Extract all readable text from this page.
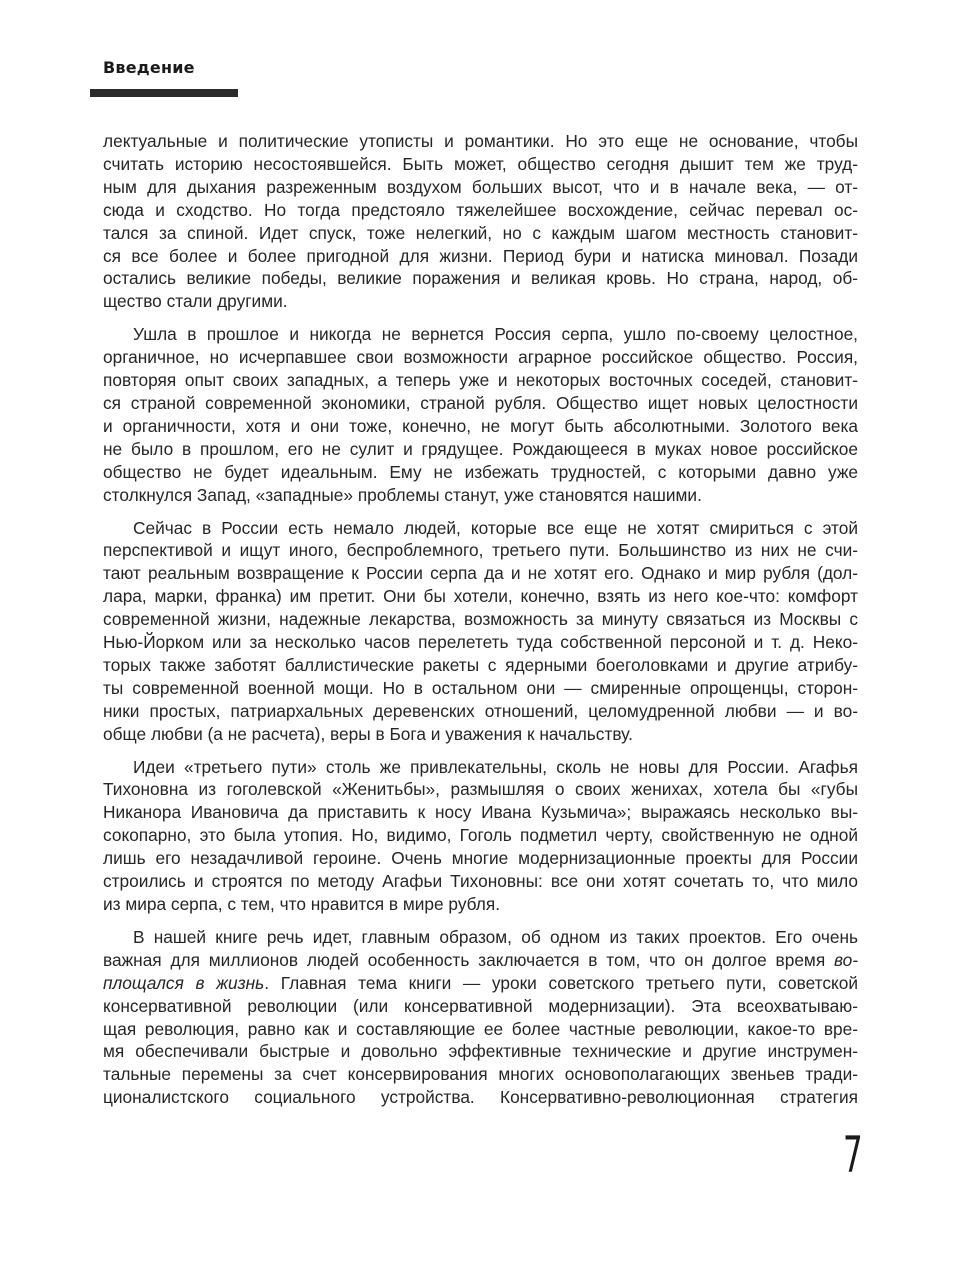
Введение
лектуальные и политические утописты и романтики. Но это еще не основание, чтобы
считать историю несостоявшейся. Быть может, общество сегодня дышит тем же труд-
ным для дыхания разреженным воздухом больших высот, что и в начале века, — от-
сюда и сходство. Но тогда предстояло тяжелейшее восхождение, сейчас перевал ос-
тался за спиной. Идет спуск, тоже нелегкий, но с каждым шагом местность становит-
ся все более и более пригодной для жизни. Период бури и натиска миновал. Позади
остались великие победы, великие поражения и великая кровь. Но страна, народ, об-
щество стали другими.
Ушла в прошлое и никогда не вернется Россия серпа, ушло по-своему целостное,
органичное, но исчерпавшее свои возможности аграрное российское общество. Россия,
повторяя опыт своих западных, а теперь уже и некоторых восточных соседей, становит-
ся страной современной экономики, страной рубля. Общество ищет новых целостности
и органичности, хотя и они тоже, конечно, не могут быть абсолютными. Золотого века
не было в прошлом, его не сулит и грядущее. Рождающееся в муках новое российское
общество не будет идеальным. Ему не избежать трудностей, с которыми давно уже
столкнулся Запад, «западные» проблемы станут, уже становятся нашими.
Сейчас в России есть немало людей, которые все еще не хотят смириться с этой
перспективой и ищут иного, беспроблемного, третьего пути. Большинство из них не счи-
тают реальным возвращение к России серпа да и не хотят его. Однако и мир рубля (дол-
лара, марки, франка) им претит. Они бы хотели, конечно, взять из него кое-что: комфорт
современной жизни, надежные лекарства, возможность за минуту связаться из Москвы с
Нью-Йорком или за несколько часов перелететь туда собственной персоной и т. д. Неко-
торых также заботят баллистические ракеты с ядерными боеголовками и другие атрибу-
ты современной военной мощи. Но в остальном они — смиренные опрощенцы, сторон-
ники простых, патриархальных деревенских отношений, целомудренной любви — и во-
обще любви (а не расчета), веры в Бога и уважения к начальству.
Идеи «третьего пути» столь же привлекательны, сколь не новы для России. Агафья
Тихоновна из гоголевской «Женитьбы», размышляя о своих женихах, хотела бы «губы
Никанора Ивановича да приставить к носу Ивана Кузьмича»; выражаясь несколько вы-
сокопарно, это была утопия. Но, видимо, Гоголь подметил черту, свойственную не одной
лишь его незадачливой героине. Очень многие модернизационные проекты для России
строились и строятся по методу Агафьи Тихоновны: все они хотят сочетать то, что мило
из мира серпа, с тем, что нравится в мире рубля.
В нашей книге речь идет, главным образом, об одном из таких проектов. Его очень
важная для миллионов людей особенность заключается в том, что он долгое время во-
площался в жизнь. Главная тема книги — уроки советского третьего пути, советской
консервативной революции (или консервативной модернизации). Эта всеохватываю-
щая революция, равно как и составляющие ее более частные революции, какое-то вре-
мя обеспечивали быстрые и довольно эффективные технические и другие инструмен-
тальные перемены за счет консервирования многих основополагающих звеньев тради-
ционалистского социального устройства. Консервативно-революционная стратегия
7
